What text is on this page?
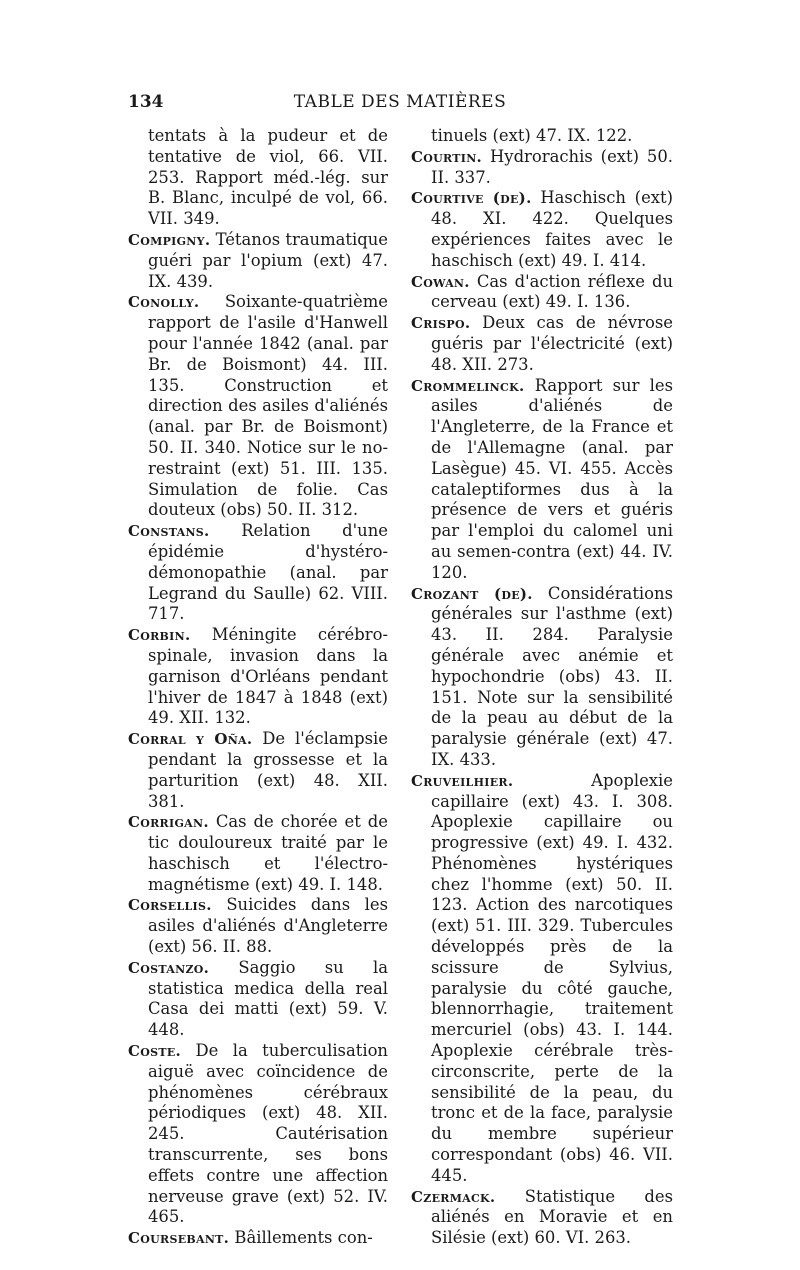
134	TABLE DES MATIÈRES

tentats à la pudeur et de tentative de viol, 66. VII. 253. Rapport méd.-lég. sur B. Blanc, inculpé de vol, 66. VII. 349.

Compigny. Tétanos traumatique guéri par l'opium (ext) 47. IX. 439.

Conolly. Soixante-quatrième rapport de l'asile d'Hanwell pour l'année 1842 (anal. par Br. de Boismont) 44. III. 135. Construction et direction des asiles d'aliénés (anal. par Br. de Boismont) 50. II. 340. Notice sur le no-restraint (ext) 51. III. 135. Simulation de folie. Cas douteux (obs) 50. II. 312.

Constans. Relation d'une épidémie d'hystéro-démonopathie (anal. par Legrand du Saulle) 62. VIII. 717.

Corbin. Méningite cérébro-spinale, invasion dans la garnison d'Orléans pendant l'hiver de 1847 à 1848 (ext) 49. XII. 132.

Corral y Oña. De l'éclampsie pendant la grossesse et la parturition (ext) 48. XII. 381.

Corrigan. Cas de chorée et de tic douloureux traité par le haschisch et l'électro-magnétisme (ext) 49. I. 148.

Corsellis. Suicides dans les asiles d'aliénés d'Angleterre (ext) 56. II. 88.

Costanzo. Saggio su la statistica medica della real Casa dei matti (ext) 59. V. 448.

Coste. De la tuberculisation aiguë avec coïncidence de phénomènes cérébraux périodiques (ext) 48. XII. 245. Cautérisation transcurrente, ses bons effets contre une affection nerveuse grave (ext) 52. IV. 465.

Coursebant. Bâillements con-

tinuels (ext) 47. IX. 122.

Courtin. Hydrorachis (ext) 50. II. 337.

Courtive (de). Haschisch (ext) 48. XI. 422. Quelques expériences faites avec le haschisch (ext) 49. I. 414.

Cowan. Cas d'action réflexe du cerveau (ext) 49. I. 136.

Crispo. Deux cas de névrose guéris par l'électricité (ext) 48. XII. 273.

Crommelinck. Rapport sur les asiles d'aliénés de l'Angleterre, de la France et de l'Allemagne (anal. par Lasègue) 45. VI. 455. Accès cataleptiformes dus à la présence de vers et guéris par l'emploi du calomel uni au semen-contra (ext) 44. IV. 120.

Crozant (de). Considérations générales sur l'asthme (ext) 43. II. 284. Paralysie générale avec anémie et hypochondrie (obs) 43. II. 151. Note sur la sensibilité de la peau au début de la paralysie générale (ext) 47. IX. 433.

Cruveilhier.	Apoplexie capillaire (ext) 43. I. 308. Apoplexie capillaire ou progressive (ext) 49. I. 432. Phénomènes hystériques chez l'homme (ext) 50. II. 123. Action des narcotiques (ext) 51. III. 329. Tubercules développés près de la scissure de Sylvius, paralysie du côté gauche, blennorrhagie, traitement mercuriel (obs) 43. I. 144. Apoplexie cérébrale très-circonscrite, perte de la sensibilité de la peau, du tronc et de la face, paralysie du membre supérieur correspondant (obs) 46. VII. 445.

Czermack. Statistique des aliénés en Moravie et en Silésie (ext) 60. VI. 263.
